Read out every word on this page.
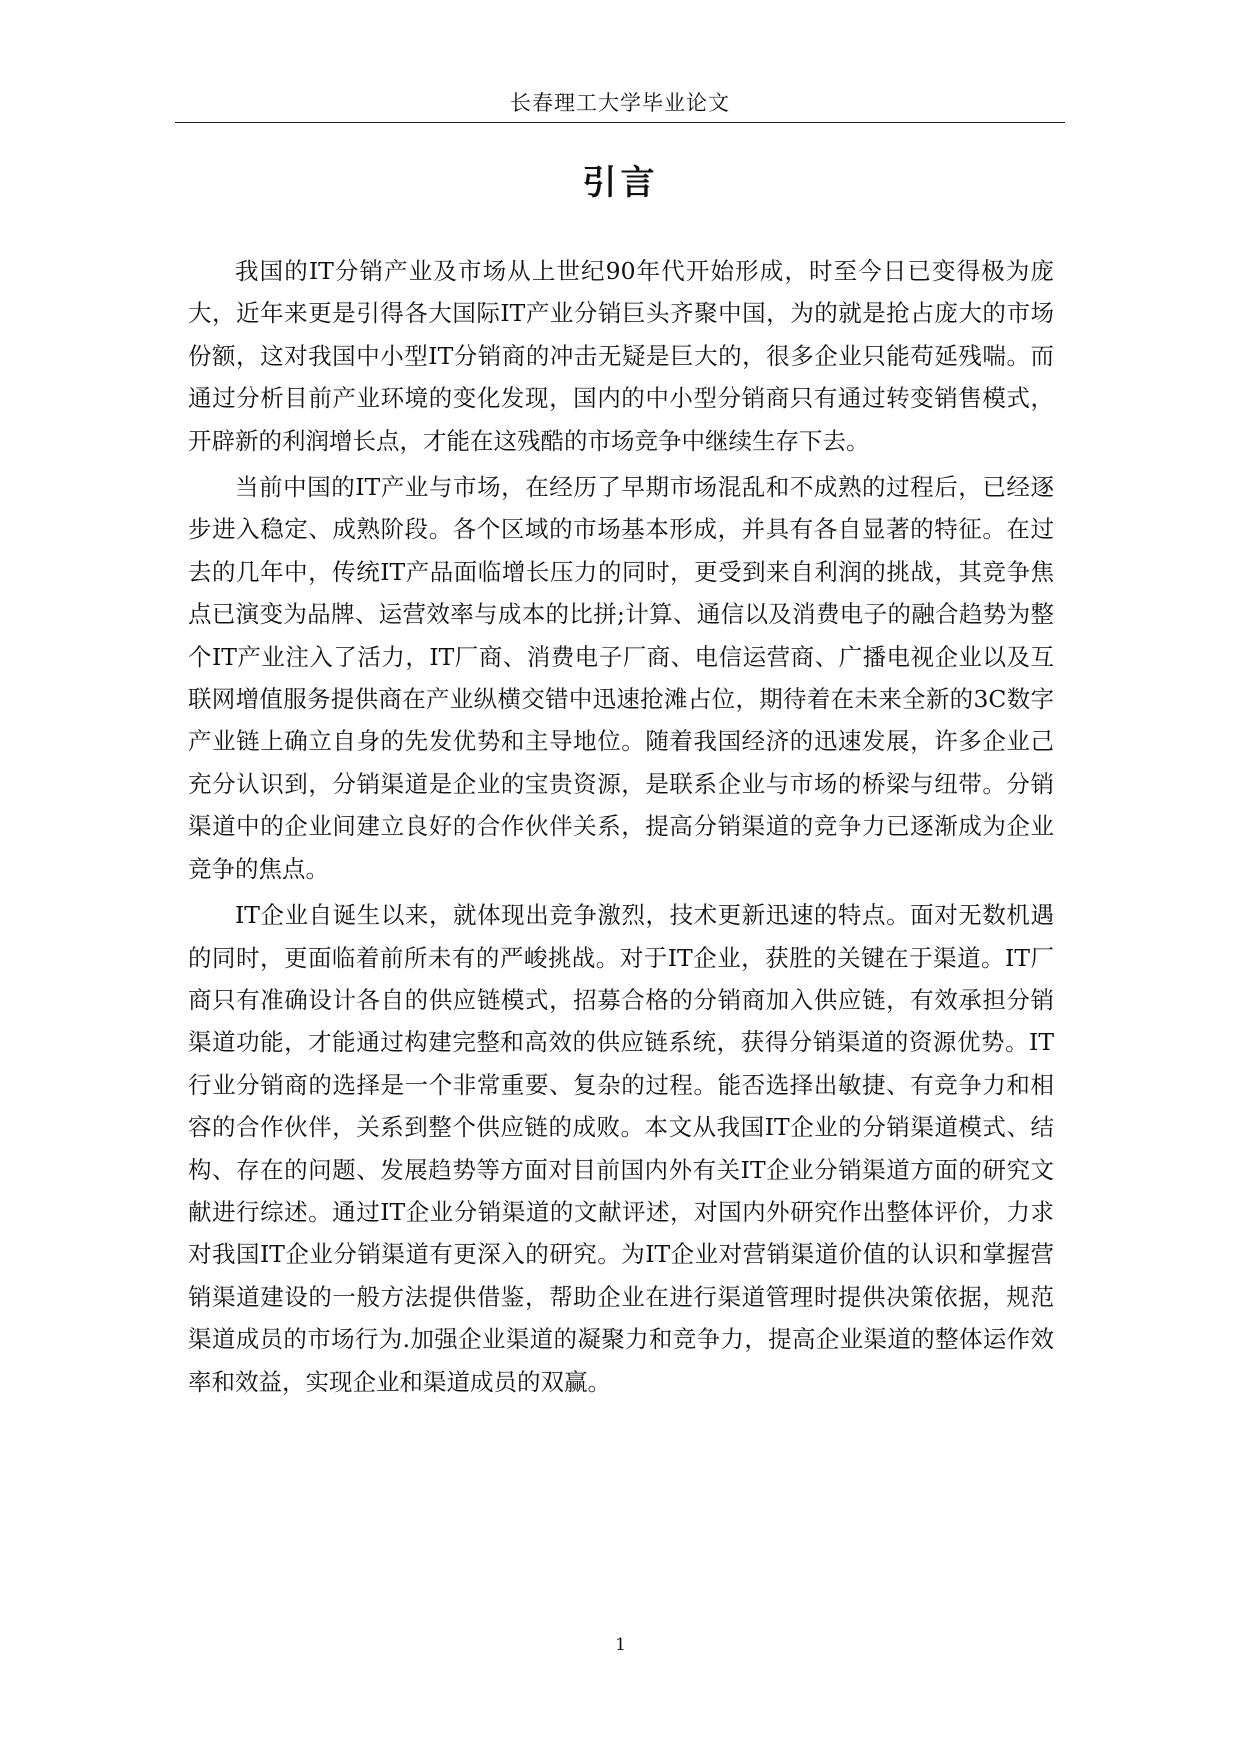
长春理工大学毕业论文
引言

我国的IT分销产业及市场从上世纪90年代开始形成，时至今日已变得极为庞大，近年来更是引得各大国际IT产业分销巨头齐聚中国，为的就是抢占庞大的市场份额，这对我国中小型IT分销商的冲击无疑是巨大的，很多企业只能苟延残喘。而通过分析目前产业环境的变化发现，国内的中小型分销商只有通过转变销售模式，开辟新的利润增长点，才能在这残酷的市场竞争中继续生存下去。

当前中国的IT产业与市场，在经历了早期市场混乱和不成熟的过程后，已经逐步进入稳定、成熟阶段。各个区域的市场基本形成，并具有各自显著的特征。在过去的几年中，传统IT产品面临增长压力的同时，更受到来自利润的挑战，其竞争焦点已演变为品牌、运营效率与成本的比拼;计算、通信以及消费电子的融合趋势为整个IT产业注入了活力，IT厂商、消费电子厂商、电信运营商、广播电视企业以及互联网增值服务提供商在产业纵横交错中迅速抢滩占位，期待着在未来全新的3C数字产业链上确立自身的先发优势和主导地位。随着我国经济的迅速发展，许多企业己充分认识到，分销渠道是企业的宝贵资源，是联系企业与市场的桥梁与纽带。分销渠道中的企业间建立良好的合作伙伴关系，提高分销渠道的竞争力已逐渐成为企业竞争的焦点。

IT企业自诞生以来，就体现出竞争激烈，技术更新迅速的特点。面对无数机遇的同时，更面临着前所未有的严峻挑战。对于IT企业，获胜的关键在于渠道。IT厂商只有准确设计各自的供应链模式，招募合格的分销商加入供应链，有效承担分销渠道功能，才能通过构建完整和高效的供应链系统，获得分销渠道的资源优势。IT行业分销商的选择是一个非常重要、复杂的过程。能否选择出敏捷、有竞争力和相容的合作伙伴，关系到整个供应链的成败。本文从我国IT企业的分销渠道模式、结构、存在的问题、发展趋势等方面对目前国内外有关IT企业分销渠道方面的研究文献进行综述。通过IT企业分销渠道的文献评述，对国内外研究作出整体评价，力求对我国IT企业分销渠道有更深入的研究。为IT企业对营销渠道价值的认识和掌握营销渠道建设的一般方法提供借鉴，帮助企业在进行渠道管理时提供决策依据，规范渠道成员的市场行为.加强企业渠道的凝聚力和竞争力，提高企业渠道的整体运作效率和效益，实现企业和渠道成员的双赢。

1
